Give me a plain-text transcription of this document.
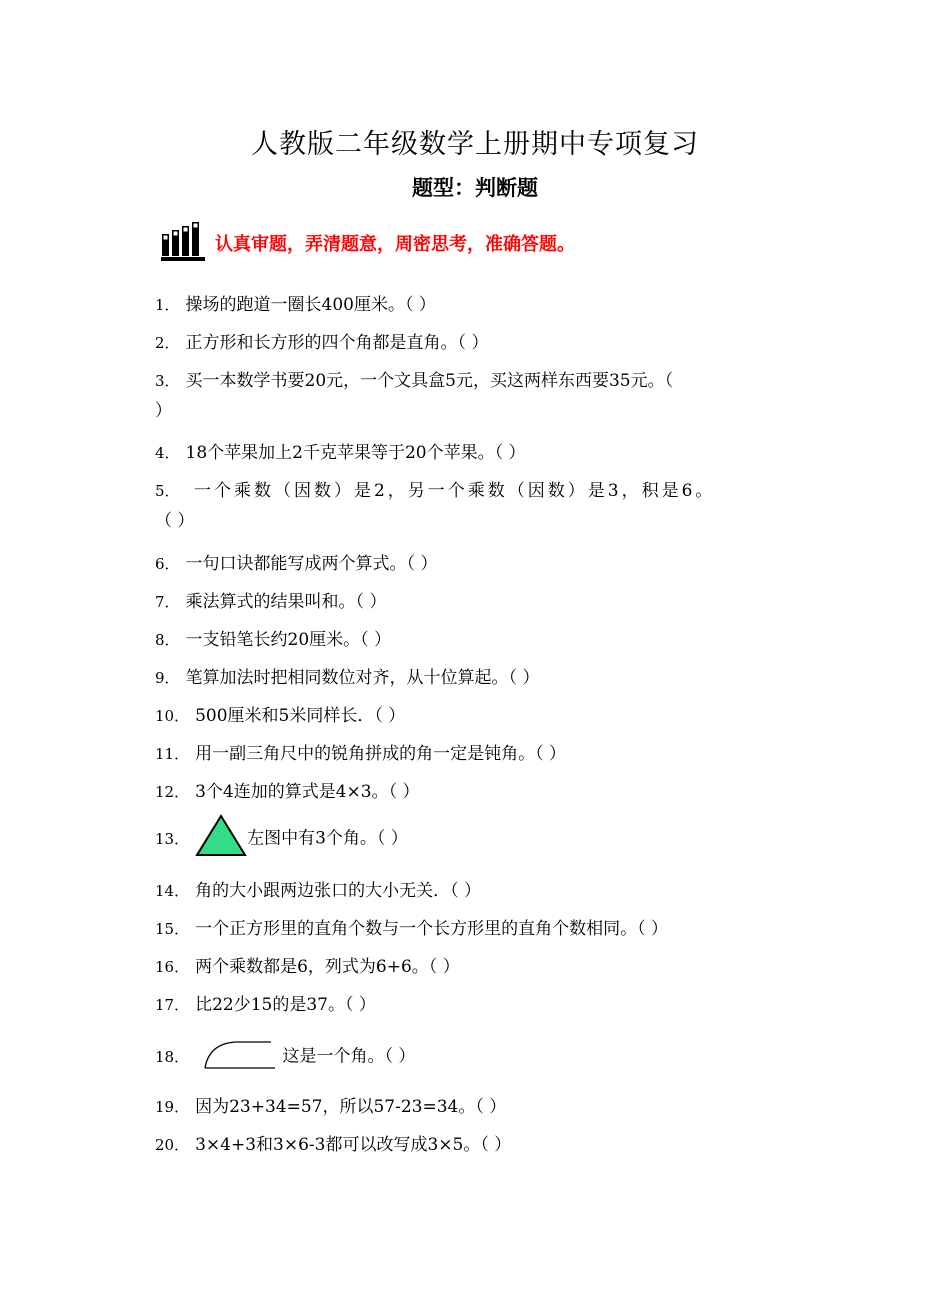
人教版二年级数学上册期中专项复习
题型：判断题
认真审题，弄清题意，周密思考，准确答题。
1． 操场的跑道一圈长400厘米。（ ）
2． 正方形和长方形的四个角都是直角。（ ）
3． 买一本数学书要20元，一个文具盒5元，买这两样东西要35元。（
）
4． 18个苹果加上2千克苹果等于20个苹果。（ ）
5． 一个乘数（因数）是2，另一个乘数（因数）是3，积是6。
（ ）
6． 一句口诀都能写成两个算式。（ ）
7． 乘法算式的结果叫和。（ ）
8． 一支铅笔长约20厘米。（ ）
9． 笔算加法时把相同数位对齐，从十位算起。（ ）
10． 500厘米和5米同样长．（ ）
11． 用一副三角尺中的锐角拼成的角一定是钝角。（ ）
12． 3个4连加的算式是4×3。（ ）
13．	左图中有3个角。（ ）
14． 角的大小跟两边张口的大小无关．（ ）
15． 一个正方形里的直角个数与一个长方形里的直角个数相同。（ ）
16． 两个乘数都是6，列式为6+6。（ ）
17． 比22少15的是37。（ ）
18．	这是一个角。（ ）
19． 因为23+34=57，所以57-23=34。（ ）
20． 3×4+3和3×6-3都可以改写成3×5。（ ）
